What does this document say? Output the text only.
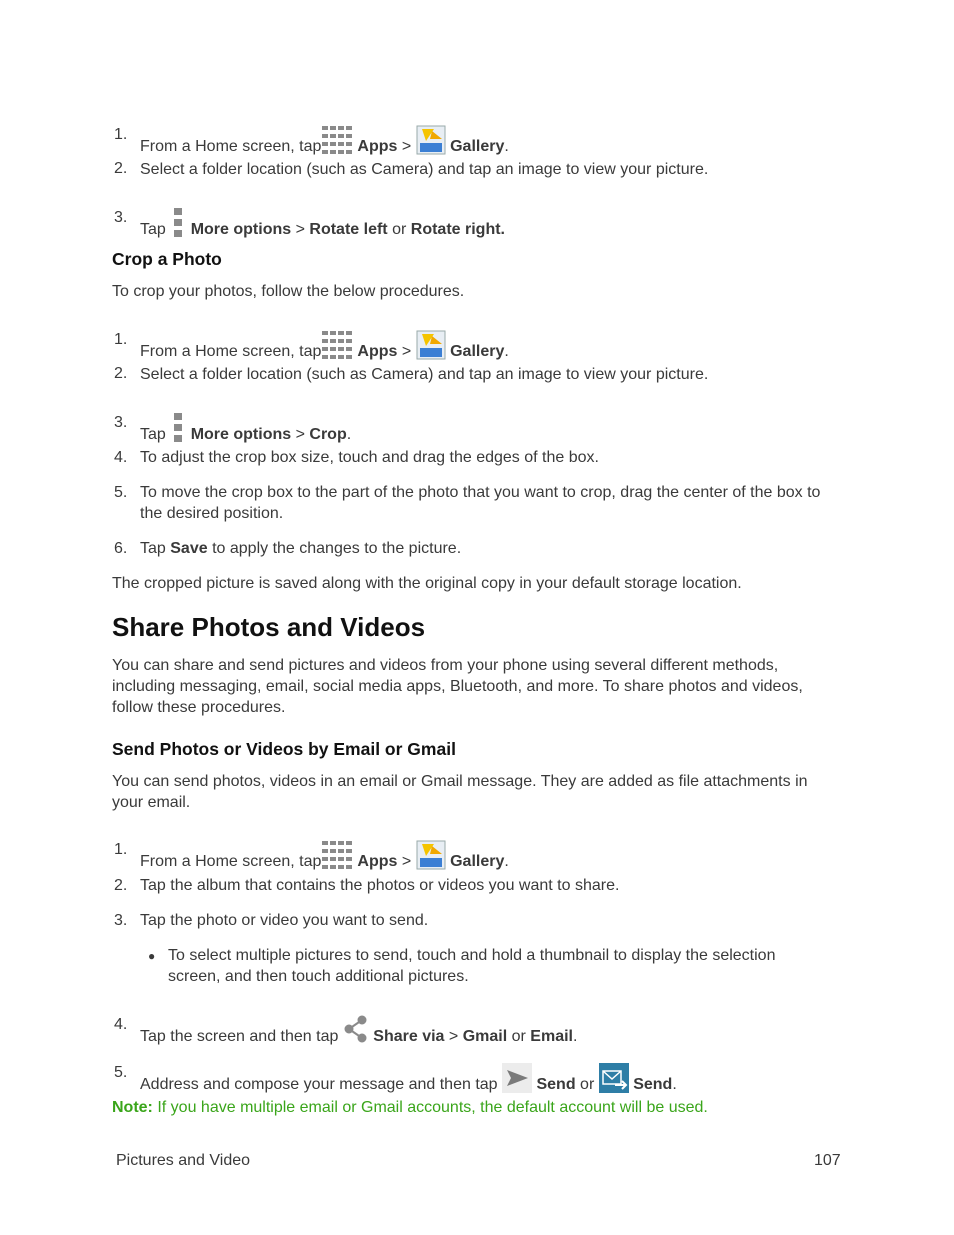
1.
From a Home screen, tap Apps > Gallery.
2. Select a folder location (such as Camera) and tap an image to view your picture.
3.
Tap More options > Rotate left or Rotate right.
Crop a Photo
To crop your photos, follow the below procedures.
1.
From a Home screen, tap Apps > Gallery.
2. Select a folder location (such as Camera) and tap an image to view your picture.
3.
Tap More options > Crop.
4. To adjust the crop box size, touch and drag the edges of the box.
5. To move the crop box to the part of the photo that you want to crop, drag the center of the box to the desired position.
6. Tap Save to apply the changes to the picture.
The cropped picture is saved along with the original copy in your default storage location.
Share Photos and Videos
You can share and send pictures and videos from your phone using several different methods, including messaging, email, social media apps, Bluetooth, and more. To share photos and videos, follow these procedures.
Send Photos or Videos by Email or Gmail
You can send photos, videos in an email or Gmail message. They are added as file attachments in your email.
1.
From a Home screen, tap Apps > Gallery.
2. Tap the album that contains the photos or videos you want to share.
3. Tap the photo or video you want to send.
● To select multiple pictures to send, touch and hold a thumbnail to display the selection screen, and then touch additional pictures.
4.
Tap the screen and then tap Share via > Gmail or Email.
5.
Address and compose your message and then tap Send or Send.
Note: If you have multiple email or Gmail accounts, the default account will be used.
Pictures and Video	107
